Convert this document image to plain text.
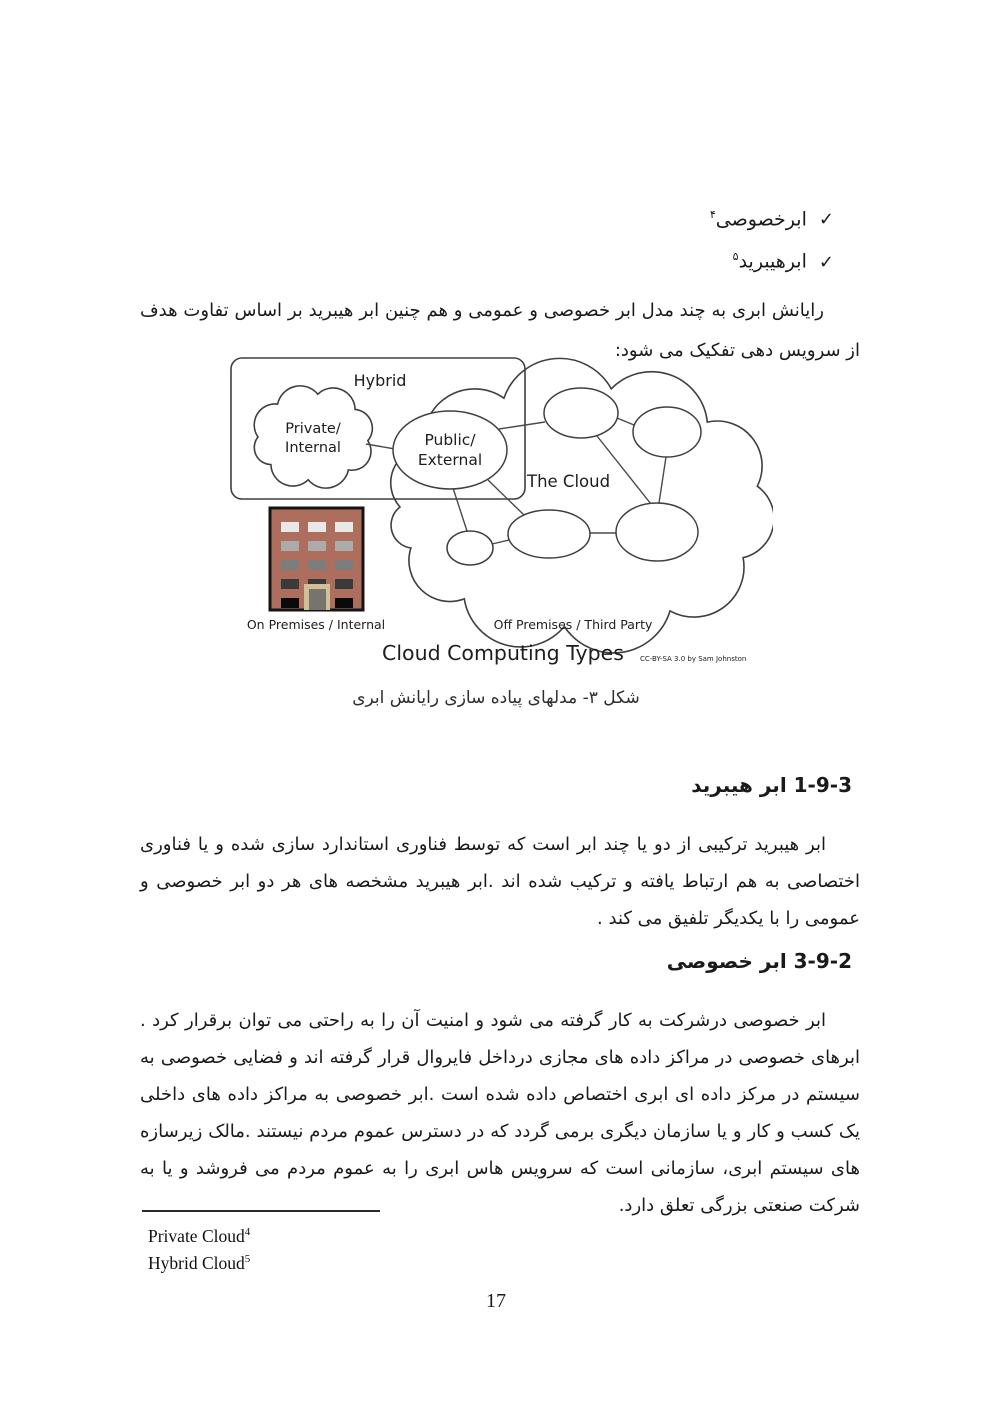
✓ ابرخصوصی$^۴$
✓ ابرهیبرید$^۵$

رایانش ابری به چند مدل ابر خصوصی و عمومی و هم چنین ابر هیبرید بر اساس تفاوت هدف از سرویس دهی تفکیک می شود:

Hybrid
Private/
Internal	Public/
External
The Cloud
On Premises / Internal	Off Premises / Third Party
Cloud Computing Types CC-BY-SA 3.0 by Sam Johnston
شکل ۳- مدلهای پیاده سازی رایانش ابری
1-9-3 ابر هیبرید

ابر هیبرید ترکیبی از دو یا چند ابر است که توسط فناوری استاندارد سازی شده و یا فناوری اختصاصی به هم ارتباط یافته و ترکیب شده اند .ابر هیبرید مشخصه های هر دو ابر خصوصی و عمومی را با یکدیگر تلفیق می کند .

3-9-2 ابر خصوصی

ابر خصوصی درشرکت به کار گرفته می شود و امنیت آن را به راحتی می توان برقرار کرد . ابرهای خصوصی در مراکز داده های مجازی درداخل فایروال قرار گرفته اند و فضایی خصوصی به سیستم در مرکز داده ای ابری اختصاص داده شده است .ابر خصوصی به مراکز داده های داخلی یک کسب و کار و یا سازمان دیگری برمی گردد که در دسترس عموم مردم نیستند .مالک زیرسازه های سیستم ابری، سازمانی است که سرویس هاس ابری را به عموم مردم می فروشد و یا به شرکت صنعتی بزرگی تعلق دارد.

Private Cloud$^4$
Hybrid Cloud$^5$
17
